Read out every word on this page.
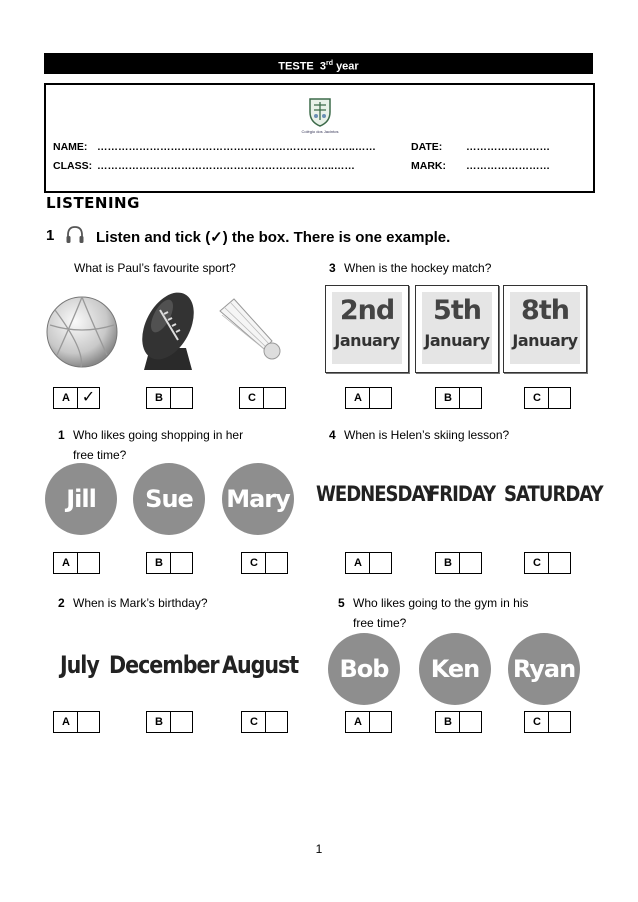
TESTE 3rd year
Colégio dos Jacintos
NAME: ………………………………………………………………..……	DATE: ……………………
CLASS: …………………………………………………………..……	MARK: ……………………
LISTENING
1	Listen and tick (✓) the box. There is one example.
What is Paul’s favourite sport?
A ✓	B	C
1 Who likes going shopping in her
free time?
Jill	Sue	Mary
A	B	C
2 When is Mark’s birthday?
July December August
A	B	C
3 When is the hockey match?
2nd
January
5th
January
8th
January
A	B	C
4 When is Helen’s skiing lesson?
WEDNESDAY
FRIDAY SATURDAY
A	B	C
5 Who likes going to the gym in his
free time?
Bob	Ken	Ryan
A	B	C
1
